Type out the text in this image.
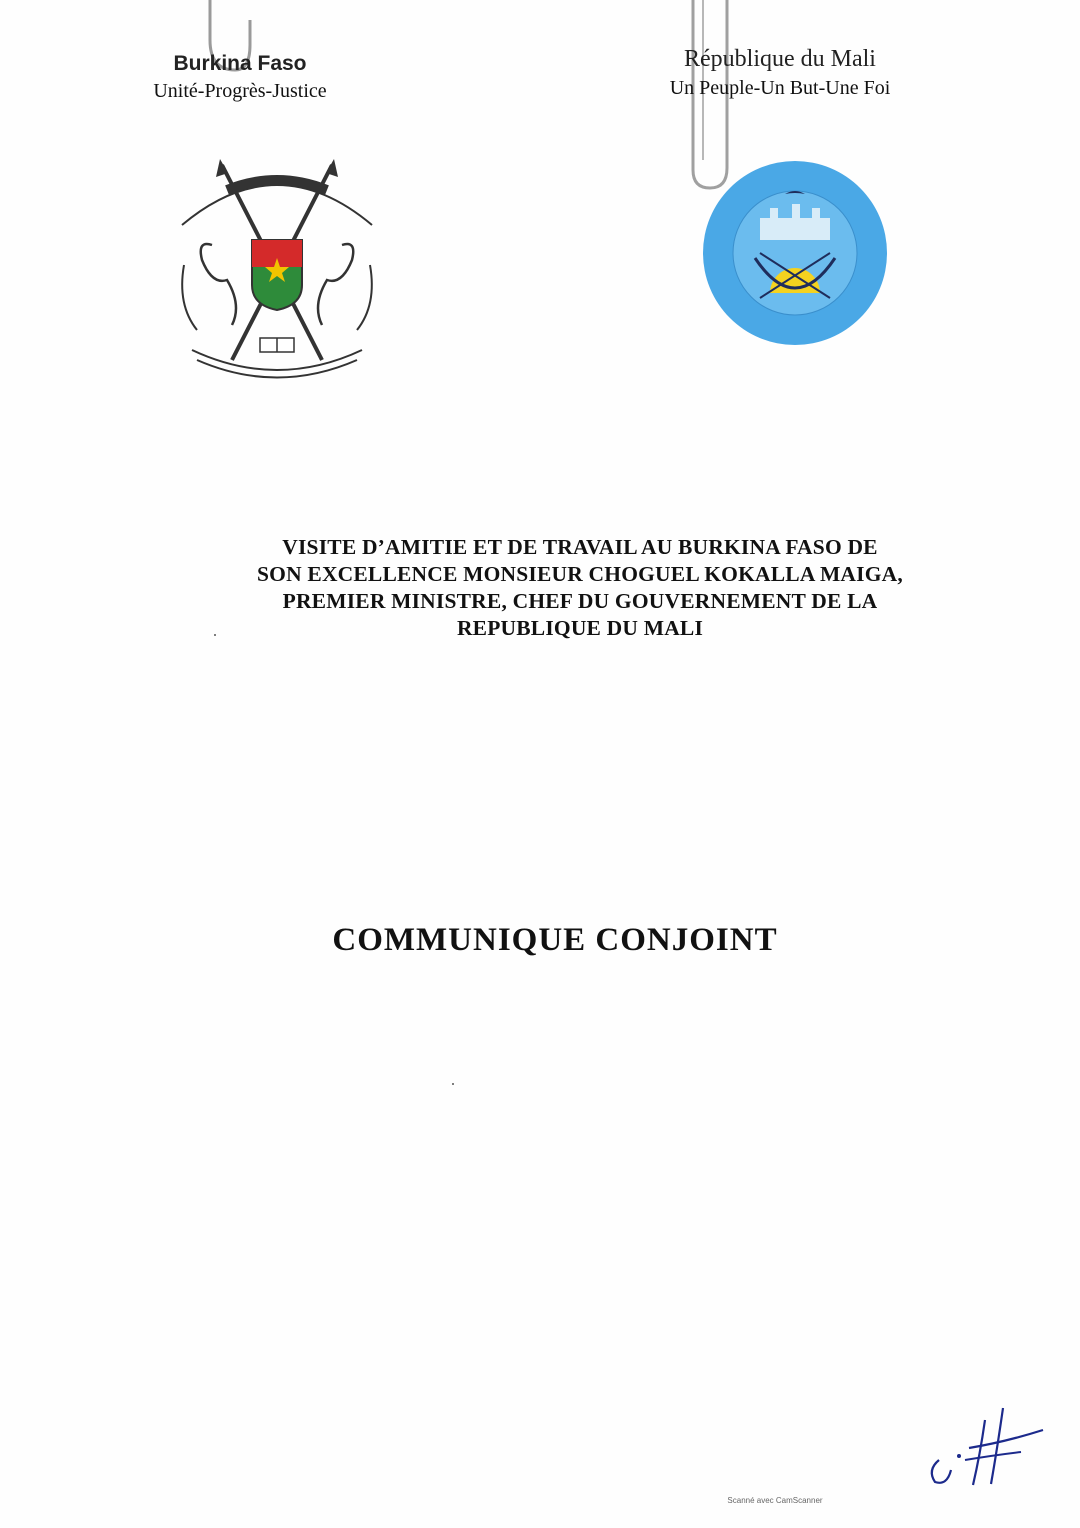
Burkina Faso
Unité-Progrès-Justice
République du Mali
Un Peuple-Un But-Une Foi
VISITE D’AMITIE ET DE TRAVAIL AU BURKINA FASO DE
SON EXCELLENCE MONSIEUR CHOGUEL KOKALLA MAIGA,
PREMIER MINISTRE, CHEF DU GOUVERNEMENT DE LA
REPUBLIQUE DU MALI
COMMUNIQUE CONJOINT
Scanné avec CamScanner
